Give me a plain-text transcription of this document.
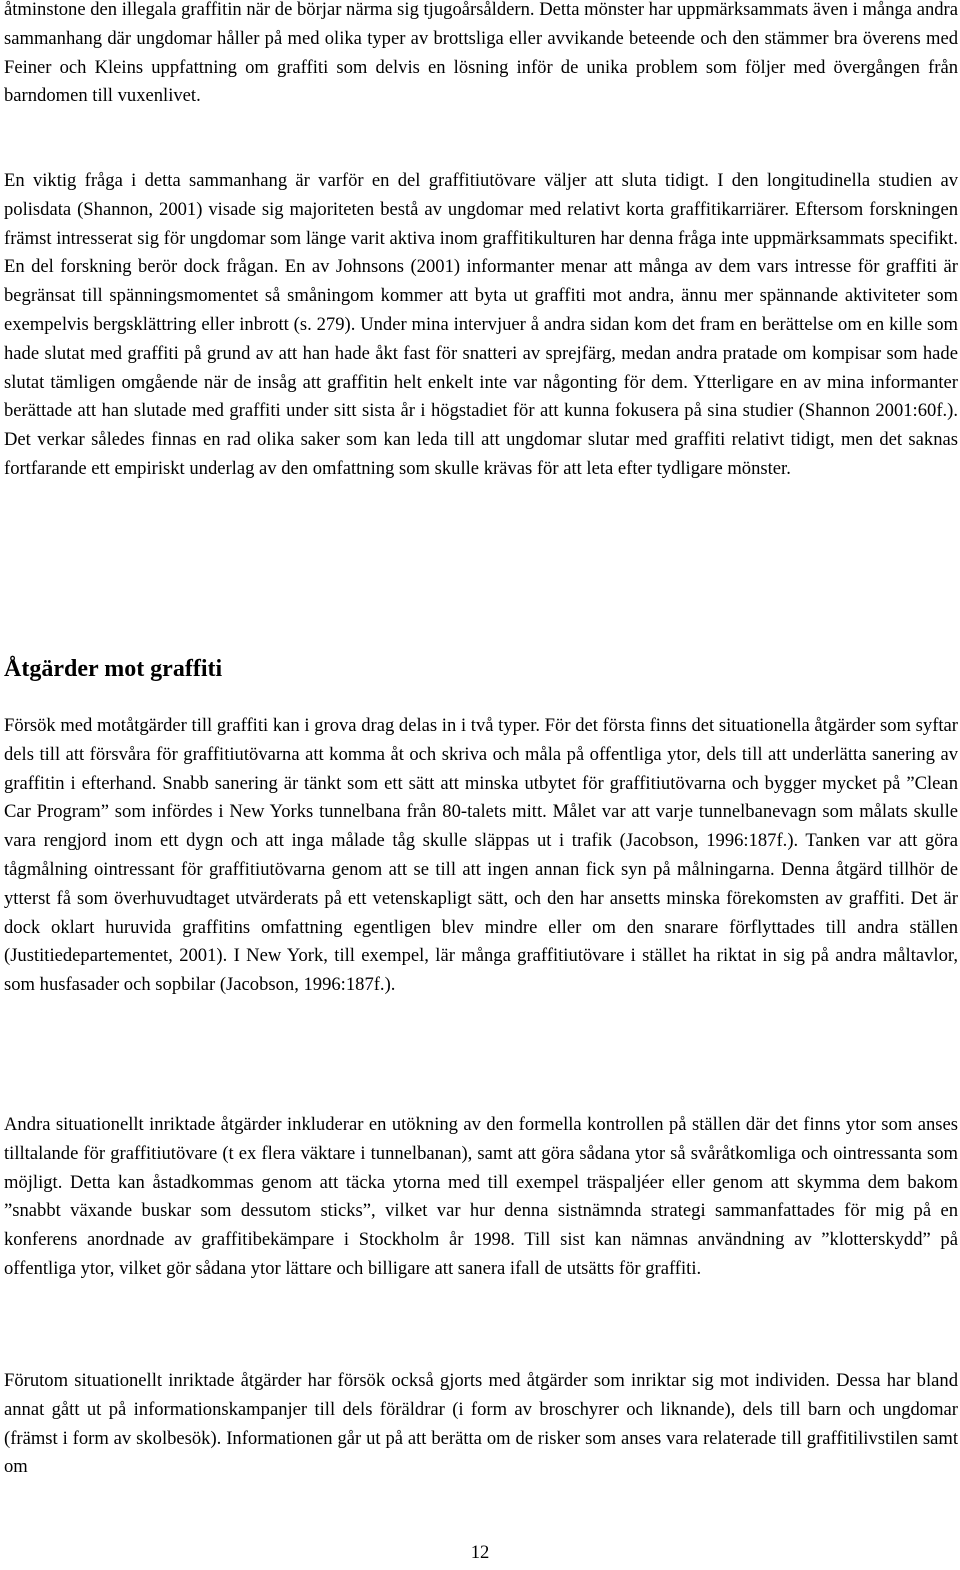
åtminstone den illegala graffitin när de börjar närma sig tjugoårsåldern. Detta mönster har uppmärksammats även i många andra sammanhang där ungdomar håller på med olika typer av brottsliga eller avvikande beteende och den stämmer bra överens med Feiner och Kleins uppfattning om graffiti som delvis en lösning inför de unika problem som följer med övergången från barndomen till vuxenlivet.

En viktig fråga i detta sammanhang är varför en del graffitiutövare väljer att sluta tidigt. I den longitudinella studien av polisdata (Shannon, 2001) visade sig majoriteten bestå av ungdomar med relativt korta graffitikarriärer. Eftersom forskningen främst intresserat sig för ungdomar som länge varit aktiva inom graffitikulturen har denna fråga inte uppmärksammats specifikt. En del forskning berör dock frågan. En av Johnsons (2001) informanter menar att många av dem vars intresse för graffiti är begränsat till spänningsmomentet så småningom kommer att byta ut graffiti mot andra, ännu mer spännande aktiviteter som exempelvis bergsklättring eller inbrott (s. 279). Under mina intervjuer å andra sidan kom det fram en berättelse om en kille som hade slutat med graffiti på grund av att han hade åkt fast för snatteri av sprejfärg, medan andra pratade om kompisar som hade slutat tämligen omgående när de insåg att graffitin helt enkelt inte var någonting för dem. Ytterligare en av mina informanter berättade att han slutade med graffiti under sitt sista år i högstadiet för att kunna fokusera på sina studier (Shannon 2001:60f.). Det verkar således finnas en rad olika saker som kan leda till att ungdomar slutar med graffiti relativt tidigt, men det saknas fortfarande ett empiriskt underlag av den omfattning som skulle krävas för att leta efter tydligare mönster.

Åtgärder mot graffiti

Försök med motåtgärder till graffiti kan i grova drag delas in i två typer. För det första finns det situationella åtgärder som syftar dels till att försvåra för graffitiutövarna att komma åt och skriva och måla på offentliga ytor, dels till att underlätta sanering av graffitin i efterhand. Snabb sanering är tänkt som ett sätt att minska utbytet för graffitiutövarna och bygger mycket på ”Clean Car Program” som infördes i New Yorks tunnelbana från 80-talets mitt. Målet var att varje tunnelbanevagn som målats skulle vara rengjord inom ett dygn och att inga målade tåg skulle släppas ut i trafik (Jacobson, 1996:187f.). Tanken var att göra tågmålning ointressant för graffitiutövarna genom att se till att ingen annan fick syn på målningarna. Denna åtgärd tillhör de ytterst få som överhuvudtaget utvärderats på ett vetenskapligt sätt, och den har ansetts minska förekomsten av graffiti. Det är dock oklart huruvida graffitins omfattning egentligen blev mindre eller om den snarare förflyttades till andra ställen (Justitiedepartementet, 2001). I New York, till exempel, lär många graffitiutövare i stället ha riktat in sig på andra måltavlor, som husfasader och sopbilar (Jacobson, 1996:187f.).

Andra situationellt inriktade åtgärder inkluderar en utökning av den formella kontrollen på ställen där det finns ytor som anses tilltalande för graffitiutövare (t ex flera väktare i tunnelbanan), samt att göra sådana ytor så svåråtkomliga och ointressanta som möjligt. Detta kan åstadkommas genom att täcka ytorna med till exempel träspaljéer eller genom att skymma dem bakom ”snabbt växande buskar som dessutom sticks”, vilket var hur denna sistnämnda strategi sammanfattades för mig på en konferens anordnade av graffitibekämpare i Stockholm år 1998. Till sist kan nämnas användning av ”klotterskydd” på offentliga ytor, vilket gör sådana ytor lättare och billigare att sanera ifall de utsätts för graffiti.

Förutom situationellt inriktade åtgärder har försök också gjorts med åtgärder som inriktar sig mot individen. Dessa har bland annat gått ut på informationskampanjer till dels föräldrar (i form av broschyrer och liknande), dels till barn och ungdomar (främst i form av skolbesök). Informationen går ut på att berätta om de risker som anses vara relaterade till graffitilivstilen samt om

12
